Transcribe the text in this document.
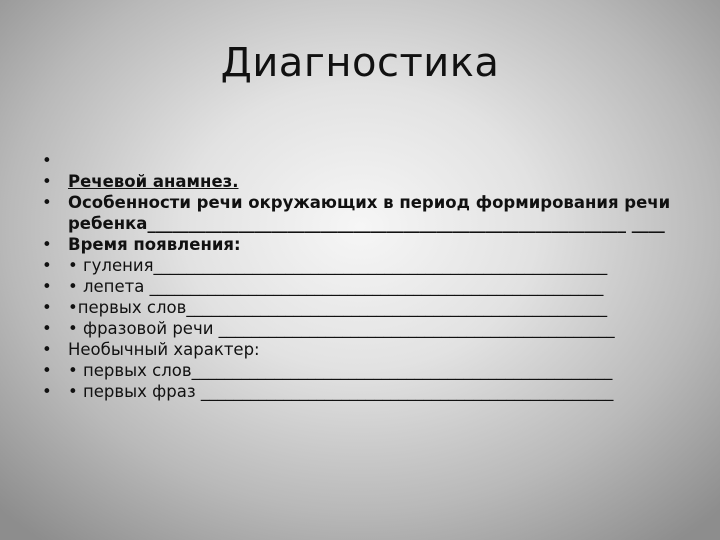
Диагностика
•
• Речевой анамнез.
• Особенности речи окружающих в период формирования речи ребенка__________________________________________________________ ____
• Время появления:
• • гуления_______________________________________________________
• • лепета _______________________________________________________
• •первых слов___________________________________________________
• • фразовой речи ________________________________________________
• Необычный характер:
• • первых слов___________________________________________________
• • первых фраз __________________________________________________
